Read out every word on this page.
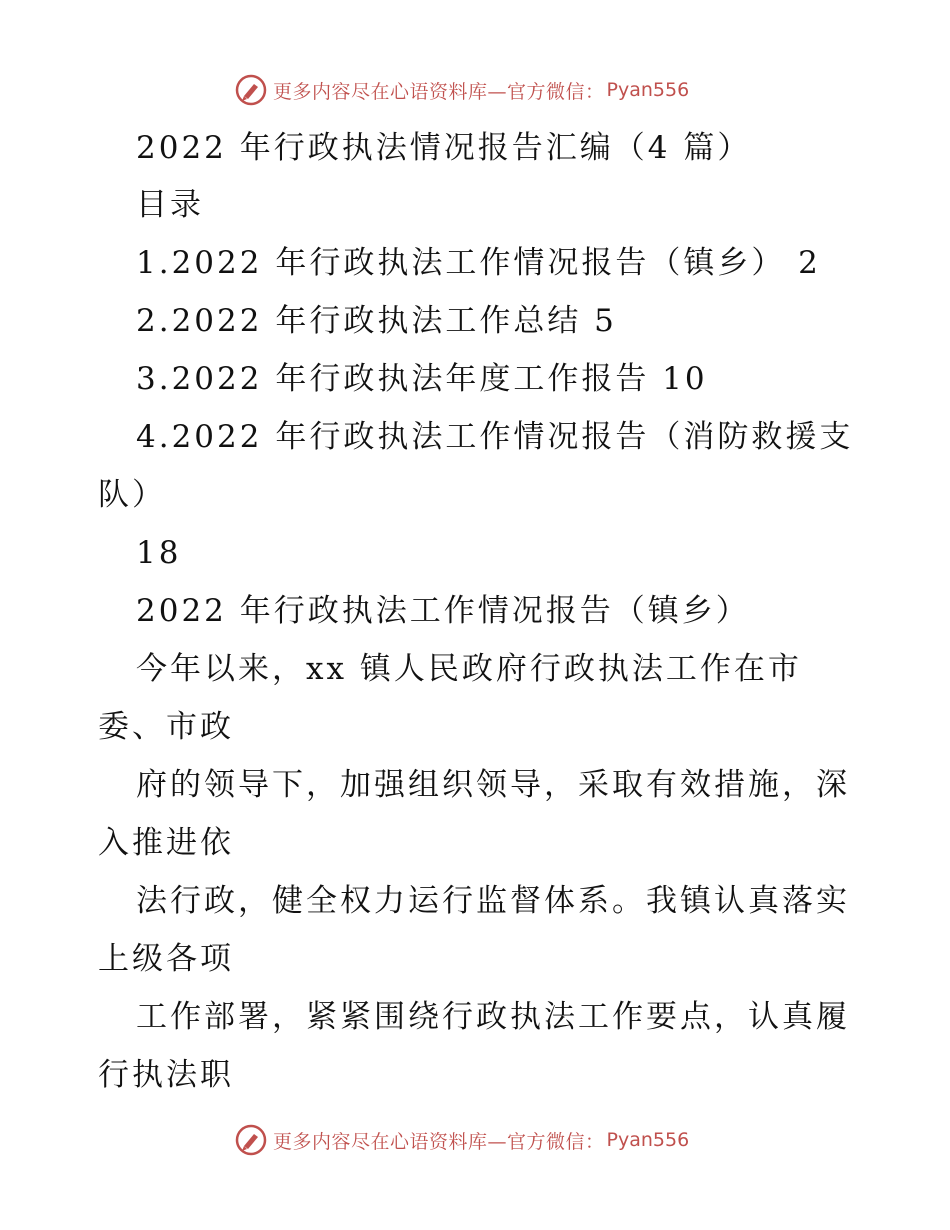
更多内容尽在心语资料库—官方微信： Pyan556
2022 年行政执法情况报告汇编（4 篇）
目录
1.2022 年行政执法工作情况报告（镇乡） 2
2.2022 年行政执法工作总结 5
3.2022 年行政执法年度工作报告 10
4.2022 年行政执法工作情况报告（消防救援支
队）
18
2022 年行政执法工作情况报告（镇乡）
今年以来，xx 镇人民政府行政执法工作在市
委、市政
府的领导下，加强组织领导，采取有效措施，深
入推进依
法行政，健全权力运行监督体系。我镇认真落实
上级各项
工作部署，紧紧围绕行政执法工作要点，认真履
行执法职
更多内容尽在心语资料库—官方微信： Pyan556
